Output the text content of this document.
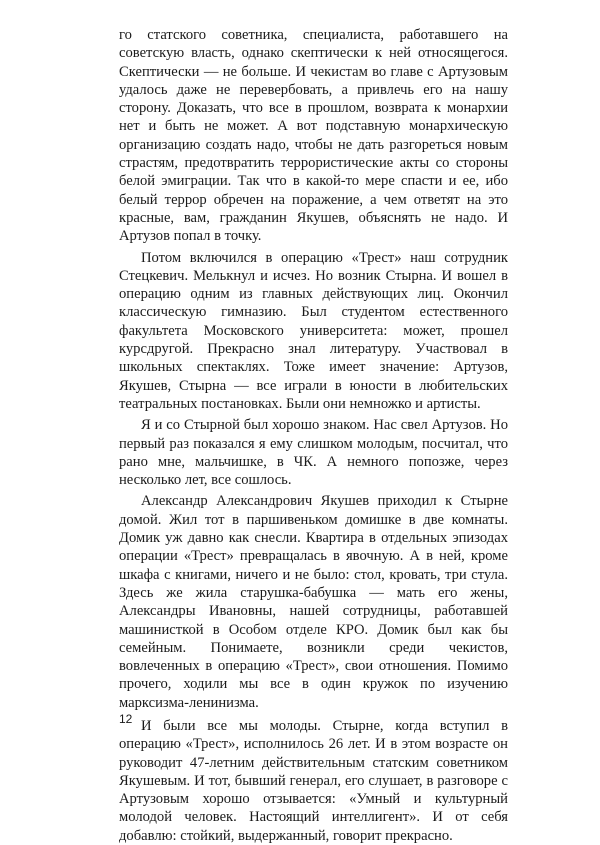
го статского советника, специалиста, работавшего на советскую власть, однако скептически к ней относящегося. Скептически — не больше. И чекистам во главе с Артузовым удалось даже не перевербовать, а привлечь его на нашу сторону. Доказать, что все в прошлом, возврата к монархии нет и быть не может. А вот подставную монархическую организацию создать надо, чтобы не дать разгореться новым страстям, предотвратить террористические акты со стороны белой эмиграции. Так что в какой-то мере спасти и ее, ибо белый террор обречен на поражение, а чем ответят на это красные, вам, гражданин Якушев, объяснять не надо. И Артузов попал в точку.

Потом включился в операцию «Трест» наш сотрудник Стецкевич. Мелькнул и исчез. Но возник Стырна. И вошел в операцию одним из главных действующих лиц. Окончил классическую гимназию. Был студентом естественного факультета Московского университета: может, прошел курсдругой. Прекрасно знал литературу. Участвовал в школьных спектаклях. Тоже имеет значение: Артузов, Якушев, Стырна — все играли в юности в любительских театральных постановках. Были они немножко и артисты.

Я и со Стырной был хорошо знаком. Нас свел Артузов. Но первый раз показался я ему слишком молодым, посчитал, что рано мне, мальчишке, в ЧК. А немного попозже, через несколько лет, все сошлось.

Александр Александрович Якушев приходил к Стырне домой. Жил тот в паршивеньком домишке в две комнаты. Домик уж давно как снесли. Квартира в отдельных эпизодах операции «Трест» превращалась в явочную. А в ней, кроме шкафа с книгами, ничего и не было: стол, кровать, три стула. Здесь же жила старушка-бабушка — мать его жены, Александры Ивановны, нашей сотрудницы, работавшей машинисткой в Особом отделе КРО. Домик был как бы семейным. Понимаете, возникли среди чекистов, вовлеченных в операцию «Трест», свои отношения. Помимо прочего, ходили мы все в один кружок по изучению марксизма-ленинизма.

И были все мы молоды. Стырне, когда вступил в операцию «Трест», исполнилось 26 лет. И в этом возрасте он руководит 47-летним действительным статским советником Якушевым. И тот, бывший генерал, его слушает, в разговоре с Артузовым хорошо отзывается: «Умный и культурный молодой человек. Настоящий интеллигент». И от себя добавлю: стойкий, выдержанный, говорит прекрасно.

12
